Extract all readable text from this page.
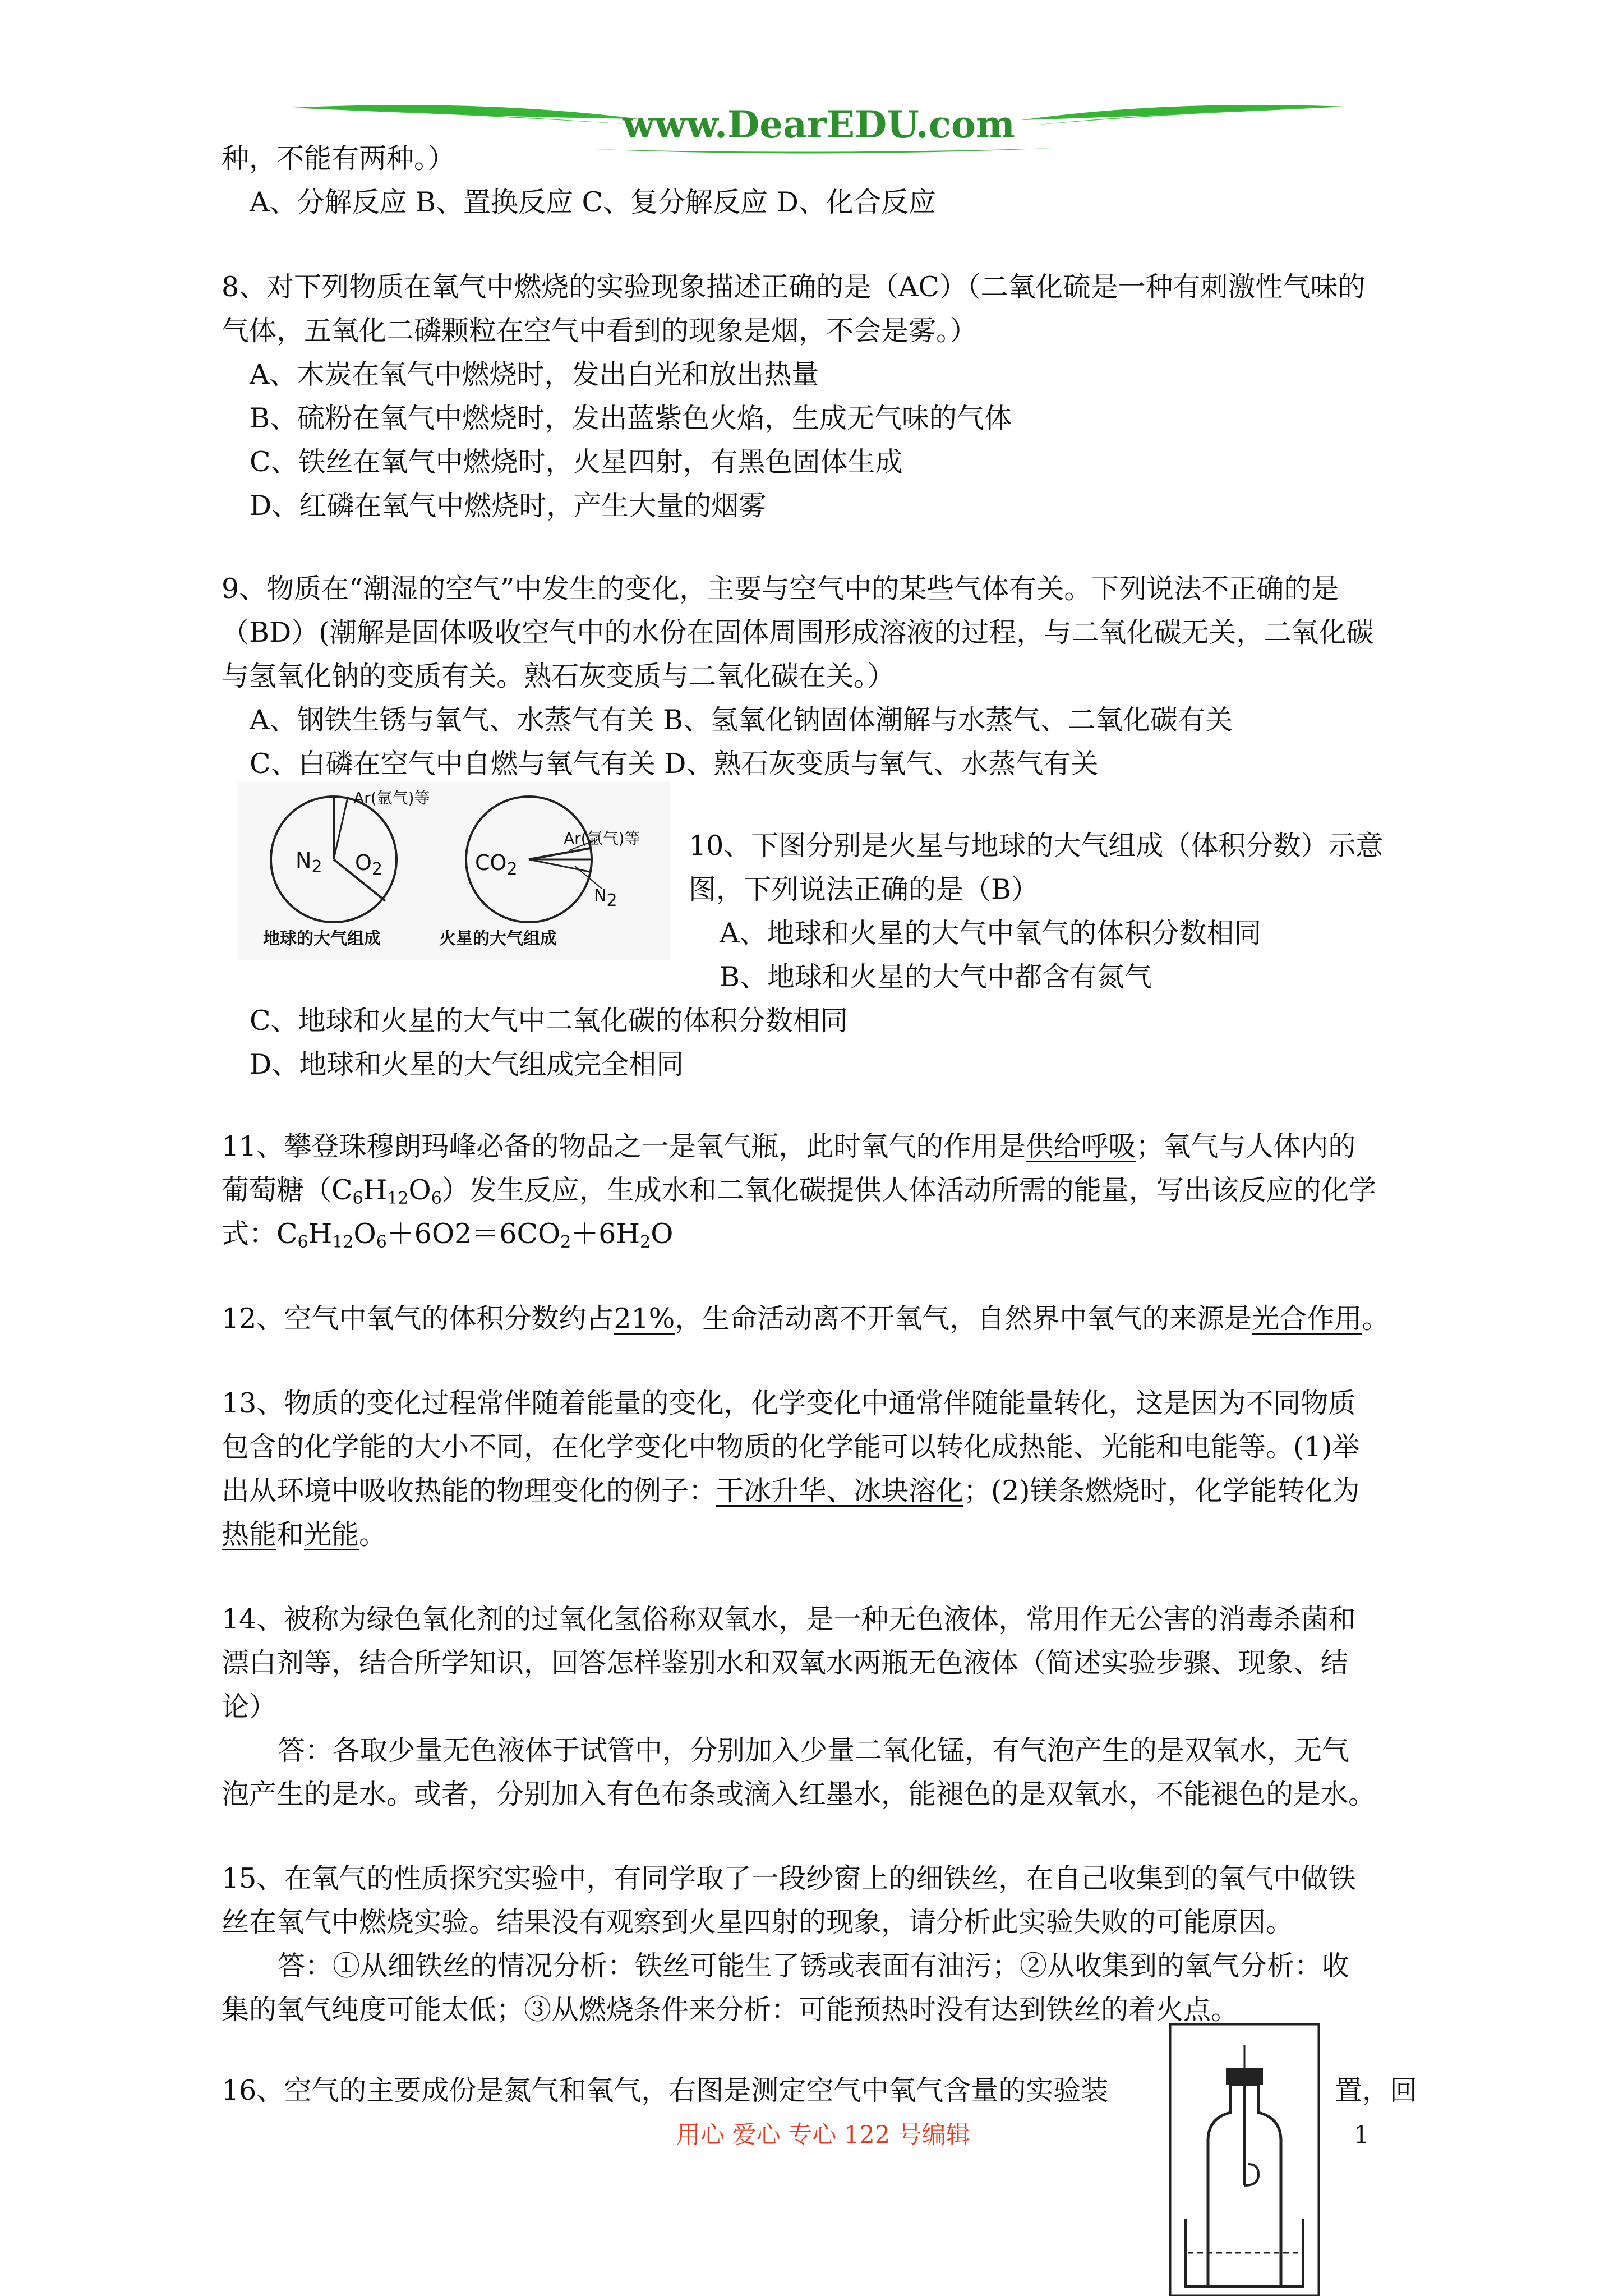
www.DearEDU.com

种，不能有两种。）

A、分解反应 B、置换反应 C、复分解反应 D、化合反应

8、对下列物质在氧气中燃烧的实验现象描述正确的是（AC）（二氧化硫是一种有刺激性气味的

气体，五氧化二磷颗粒在空气中看到的现象是烟，不会是雾。）

A、木炭在氧气中燃烧时，发出白光和放出热量

B、硫粉在氧气中燃烧时，发出蓝紫色火焰，生成无气味的气体

C、铁丝在氧气中燃烧时，火星四射，有黑色固体生成

D、红磷在氧气中燃烧时，产生大量的烟雾

9、物质在“潮湿的空气”中发生的变化，主要与空气中的某些气体有关。下列说法不正确的是

（BD）(潮解是固体吸收空气中的水份在固体周围形成溶液的过程，与二氧化碳无关，二氧化碳

与氢氧化钠的变质有关。熟石灰变质与二氧化碳在关。）

A、钢铁生锈与氧气、水蒸气有关 B、氢氧化钠固体潮解与水蒸气、二氧化碳有关

C、白磷在空气中自燃与氧气有关 D、熟石灰变质与氧气、水蒸气有关

$N_2$ $O_2$
Ar(氩气)等
地球的大气组成
$CO_2$
Ar(氩气)等
$N_2$
火星的大气组成

10、下图分别是火星与地球的大气组成（体积分数）示意

图，下列说法正确的是（B）

A、地球和火星的大气中氧气的体积分数相同

B、地球和火星的大气中都含有氮气

C、地球和火星的大气中二氧化碳的体积分数相同

D、地球和火星的大气组成完全相同

11、攀登珠穆朗玛峰必备的物品之一是氧气瓶，此时氧气的作用是供给呼吸；氧气与人体内的

葡萄糖$(C_6H_{12}O_6)$发生反应，生成水和二氧化碳提供人体活动所需的能量，写出该反应的化学

式：$C_6H_{12}O_6+6O2=6CO_2+6H_2O$

12、空气中氧气的体积分数约占21%，生命活动离不开氧气，自然界中氧气的来源是光合作用。

13、物质的变化过程常伴随着能量的变化，化学变化中通常伴随能量转化，这是因为不同物质

包含的化学能的大小不同，在化学变化中物质的化学能可以转化成热能、光能和电能等。(1)举

出从环境中吸收热能的物理变化的例子：干冰升华、冰块溶化；(2)镁条燃烧时，化学能转化为

热能和光能。

14、被称为绿色氧化剂的过氧化氢俗称双氧水，是一种无色液体，常用作无公害的消毒杀菌和

漂白剂等，结合所学知识，回答怎样鉴别水和双氧水两瓶无色液体（简述实验步骤、现象、结

论）

答：各取少量无色液体于试管中，分别加入少量二氧化锰，有气泡产生的是双氧水，无气

泡产生的是水。或者，分别加入有色布条或滴入红墨水，能褪色的是双氧水，不能褪色的是水。

15、在氧气的性质探究实验中，有同学取了一段纱窗上的细铁丝，在自己收集到的氧气中做铁

丝在氧气中燃烧实验。结果没有观察到火星四射的现象，请分析此实验失败的可能原因。

答：①从细铁丝的情况分析：铁丝可能生了锈或表面有油污；②从收集到的氧气分析：收

集的氧气纯度可能太低；③从燃烧条件来分析：可能预热时没有达到铁丝的着火点。

16、空气的主要成份是氮气和氧气，右图是测定空气中氧气含量的实验装	置，回

用心 爱心 专心 122 号编辑	1
